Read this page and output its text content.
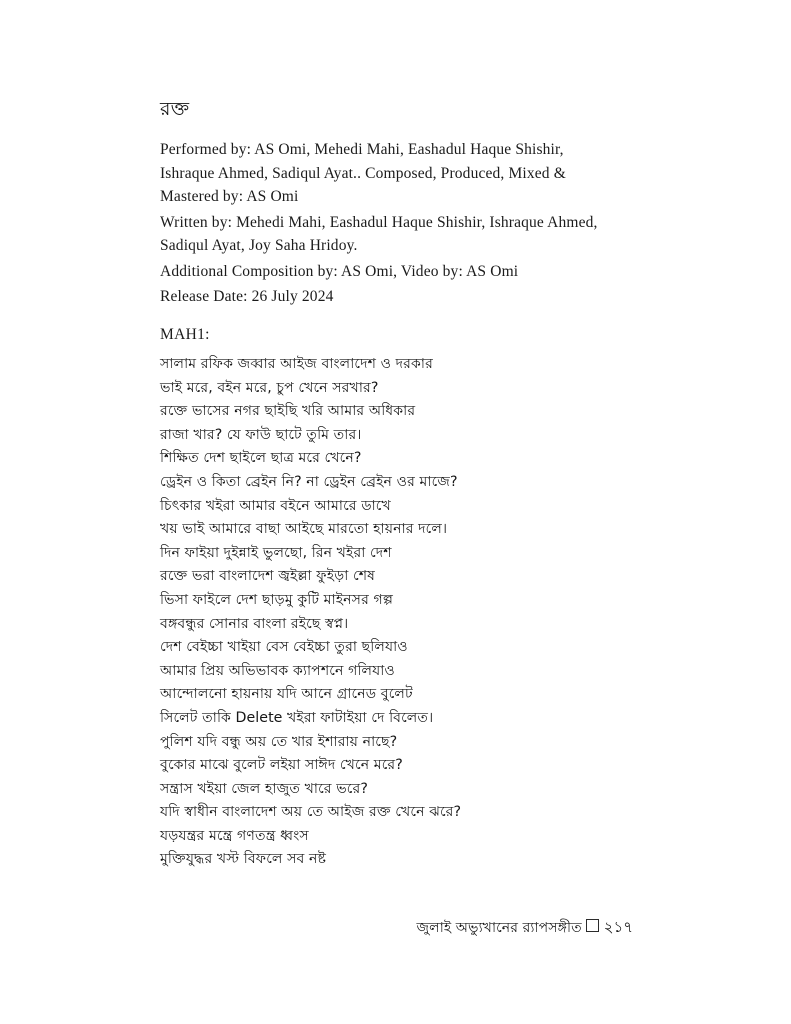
রক্ত
Performed by: AS Omi, Mehedi Mahi, Eashadul Haque Shishir,
Ishraque Ahmed, Sadiqul Ayat.. Composed, Produced, Mixed &
Mastered by: AS Omi
Written by: Mehedi Mahi, Eashadul Haque Shishir, Ishraque Ahmed,
Sadiqul Ayat, Joy Saha Hridoy.
Additional Composition by: AS Omi, Video by: AS Omi
Release Date: 26 July 2024
MAH1:
সালাম রফিক জব্বার আইজ বাংলাদেশ ও দরকার
ভাই মরে, বইন মরে, চুপ খেনে সরখার?
রক্তে ভাসের নগর ছাইছি খরি আমার অধিকার
রাজা খার? যে ফাউ ছাটে তুমি তার।
শিক্ষিত দেশ ছাইলে ছাত্র মরে খেনে?
ড্রেইন ও কিতা ব্রেইন নি? না ড্রেইন ব্রেইন ওর মাজে?
চিৎকার খইরা আমার বইনে আমারে ডাখে
খয় ভাই আমারে বাছা আইছে মারতো হায়নার দলে।
দিন ফাইয়া দুইন্নাই ভুলছো, রিন খইরা দেশ
রক্তে ভরা বাংলাদেশ জ্বইল্লা ফুইড়া শেষ
ভিসা ফাইলে দেশ ছাড়মু কুটি মাইনসর গল্প
বঙ্গবন্ধুর সোনার বাংলা রইছে স্বপ্ন।
দেশ বেইচ্চা খাইয়া বেস বেইচ্চা তুরা ছলিযাও
আমার প্রিয় অভিভাবক ক্যাপশনে গলিযাও
আন্দোলনো হায়নায় যদি আনে গ্রানেড বুলেট
সিলেট তাকি Delete খইরা ফাটাইয়া দে বিলেত।
পুলিশ যদি বন্ধু অয় তে খার ইশারায় নাছে?
বুকোর মাঝে বুলেট লইয়া সাঈদ খেনে মরে?
সন্ত্রাস খইয়া জেল হাজুত খারে ভরে?
যদি স্বাধীন বাংলাদেশ অয় তে আইজ রক্ত খেনে ঝরে?
যড়যন্ত্রর মন্ত্রে গণতন্ত্র ধ্বংস
মুক্তিযুদ্ধর খস্ট বিফলে সব নষ্ট
জুলাই অভ্যুখানের র‍্যাপসঙ্গীত ২১৭
